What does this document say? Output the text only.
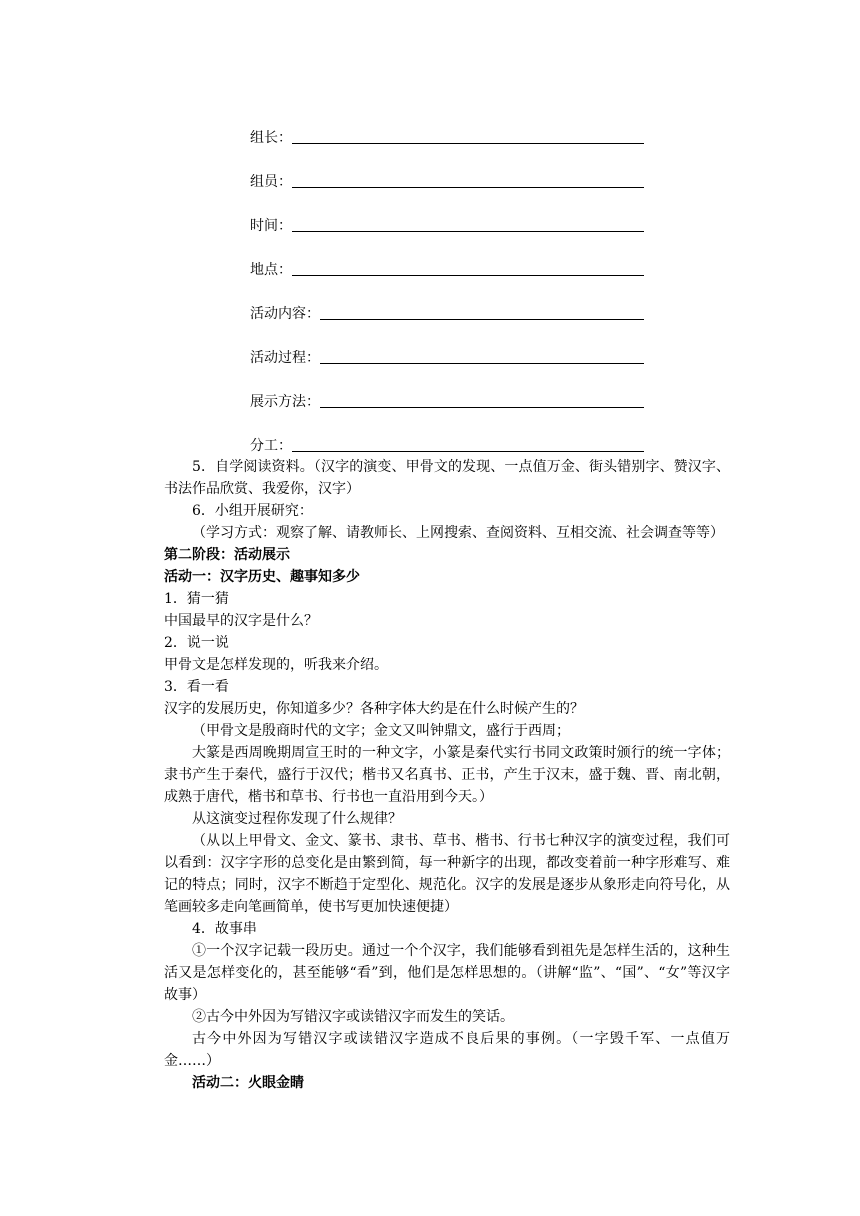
组长：
组员：
时间：
地点：
活动内容：
活动过程：
展示方法：
分工：

5．自学阅读资料。（汉字的演变、甲骨文的发现、一点值万金、街头错别字、赞汉字、书法作品欣赏、我爱你，汉字）

6．小组开展研究：

（学习方式：观察了解、请教师长、上网搜索、查阅资料、互相交流、社会调查等等）

第二阶段：活动展示

活动一：汉字历史、趣事知多少

1．猜一猜

中国最早的汉字是什么？

2．说一说

甲骨文是怎样发现的，听我来介绍。

3．看一看

汉字的发展历史，你知道多少？各种字体大约是在什么时候产生的？

（甲骨文是殷商时代的文字；金文又叫钟鼎文，盛行于西周；

大篆是西周晚期周宣王时的一种文字，小篆是秦代实行书同文政策时颁行的统一字体；隶书产生于秦代，盛行于汉代；楷书又名真书、正书，产生于汉末，盛于魏、晋、南北朝，成熟于唐代，楷书和草书、行书也一直沿用到今天。）

从这演变过程你发现了什么规律？

（从以上甲骨文、金文、篆书、隶书、草书、楷书、行书七种汉字的演变过程，我们可以看到：汉字字形的总变化是由繁到简，每一种新字的出现，都改变着前一种字形难写、难记的特点；同时，汉字不断趋于定型化、规范化。汉字的发展是逐步从象形走向符号化，从笔画较多走向笔画简单，使书写更加快速便捷）

4．故事串

①一个汉字记载一段历史。通过一个个汉字，我们能够看到祖先是怎样生活的，这种生活又是怎样变化的，甚至能够“看”到，他们是怎样思想的。（讲解“监”、“国”、“女”等汉字故事）

②古今中外因为写错汉字或读错汉字而发生的笑话。

古今中外因为写错汉字或读错汉字造成不良后果的事例。（一字毁千军、一点值万金……）

活动二：火眼金睛
